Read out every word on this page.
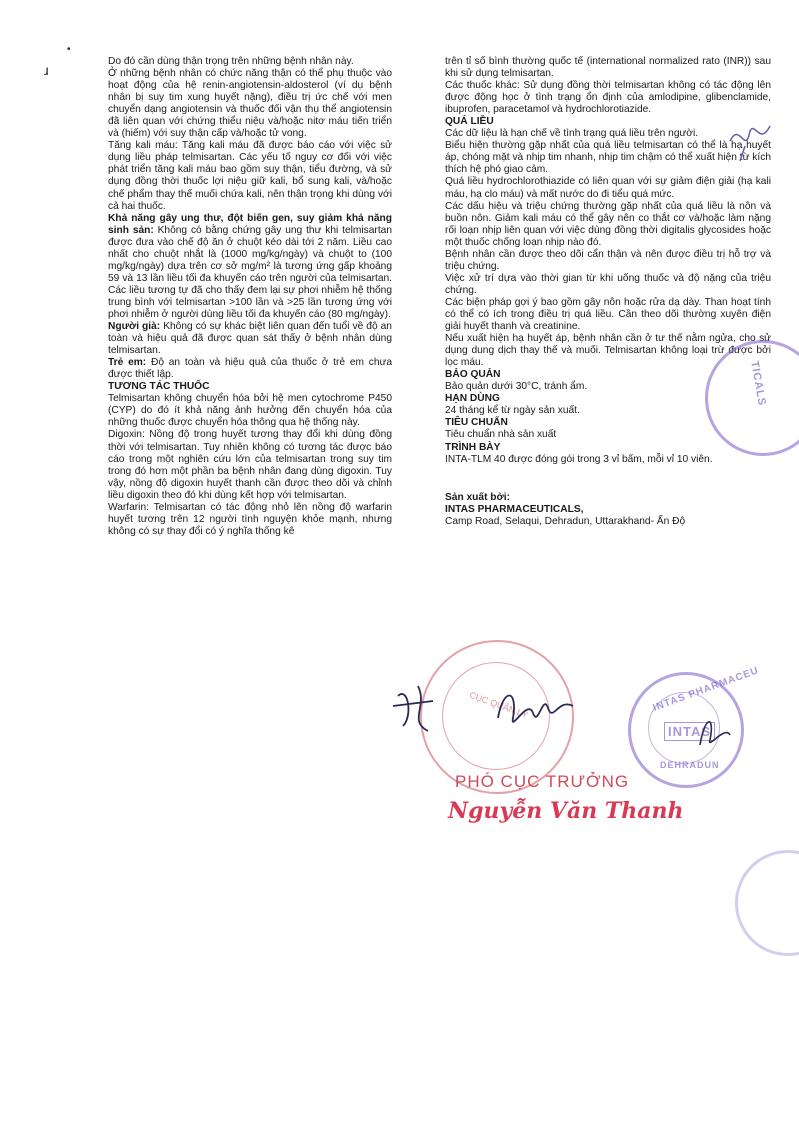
•
ɹ

Do đó cần dùng thận trọng trên những bệnh nhân này.

Ở những bệnh nhân có chức năng thận có thể phụ thuộc vào hoạt động của hệ renin-angiotensin-aldosterol (ví dụ bệnh nhân bị suy tim xung huyết nặng), điều trị ức chế với men chuyển dạng angiotensin và thuốc đối vận thụ thể angiotensin đã liên quan với chứng thiểu niệu và/hoặc nitơ máu tiến triển và (hiếm) với suy thận cấp và/hoặc tử vong.

Tăng kali máu: Tăng kali máu đã được báo cáo với việc sử dụng liều pháp telmisartan. Các yếu tố nguy cơ đối với việc phát triển tăng kali máu bao gồm suy thận, tiểu đường, và sử dụng đồng thời thuốc lợi niệu giữ kali, bổ sung kali, và/hoặc chế phẩm thay thế muối chứa kali, nên thận trọng khi dùng với cả hai thuốc.

Khả năng gây ung thư, đột biến gen, suy giảm khả năng sinh sản: Không có bằng chứng gây ung thư khi telmisartan được đưa vào chế độ ăn ở chuột kéo dài tới 2 năm. Liều cao nhất cho chuột nhắt là (1000 mg/kg/ngày) và chuột to (100 mg/kg/ngày) dựa trên cơ sở mg/m² là tương ứng gấp khoảng 59 và 13 lần liều tối đa khuyến cáo trên người của telmisartan. Các liều tương tự đã cho thấy đem lại sự phơi nhiễm hệ thống trung bình với telmisartan >100 lần và >25 lần tương ứng với phơi nhiễm ở người dùng liều tối đa khuyến cáo (80 mg/ngày).

Người già: Không có sự khác biệt liên quan đến tuổi về độ an toàn và hiệu quả đã được quan sát thấy ở bệnh nhân dùng telmisartan.

Trẻ em: Độ an toàn và hiệu quả của thuốc ở trẻ em chưa được thiết lập.

TƯƠNG TÁC THUỐC

Telmisartan không chuyển hóa bởi hệ men cytochrome P450 (CYP) do đó ít khả năng ảnh hưởng đến chuyển hóa của những thuốc được chuyển hóa thông qua hệ thống này.

Digoxin: Nồng độ trong huyết tương thay đổi khi dùng đồng thời với telmisartan. Tuy nhiên không có tương tác được báo cáo trong một nghiên cứu lớn của telmisartan trong suy tim trong đó hơn một phần ba bệnh nhân đang dùng digoxin. Tuy vậy, nồng độ digoxin huyết thanh cần được theo dõi và chỉnh liều digoxin theo đó khi dùng kết hợp với telmisartan.

Warfarin: Telmisartan có tác động nhỏ lên nồng độ warfarin huyết tương trên 12 người tình nguyện khỏe mạnh, nhưng không có sự thay đổi có ý nghĩa thống kê

trên tỉ số bình thường quốc tế (international normalized rato (INR)) sau khi sử dụng telmisartan.

Các thuốc khác: Sử dụng đồng thời telmisartan không có tác động lên được động học ở tình trạng ổn định của amlodipine, glibenclamide, ibuprofen, paracetamol và hydrochlorotiazide.

QUÁ LIỀU

Các dữ liệu là hạn chế về tình trạng quá liều trên người.

Biểu hiện thường gặp nhất của quá liều telmisartan có thể là hạ huyết áp, chóng mặt và nhịp tim nhanh, nhịp tim chậm có thể xuất hiện từ kích thích hệ phó giao cảm.

Quá liều hydrochlorothiazide có liên quan với sự giảm điện giải (hạ kali máu, hạ clo máu) và mất nước do đi tiểu quá mức.

Các dấu hiệu và triệu chứng thường gặp nhất của quá liều là nôn và buồn nôn. Giảm kali máu có thể gây nên co thắt cơ và/hoặc làm nặng rối loạn nhịp liên quan với việc dùng đồng thời digitalis glycosides hoặc một thuốc chống loạn nhịp nào đó.

Bệnh nhân cần được theo dõi cẩn thận và nên được điều trị hỗ trợ và triệu chứng.

Việc xử trí dựa vào thời gian từ khi uống thuốc và độ nặng của triệu chứng.

Các biện pháp gợi ý bao gồm gây nôn hoặc rửa dạ dày. Than hoạt tính có thể có ích trong điều trị quá liều. Cần theo dõi thường xuyên điện giải huyết thanh và creatinine.

Nếu xuất hiện hạ huyết áp, bệnh nhân cần ở tư thế nằm ngửa, cho sử dụng dung dịch thay thế và muối. Telmisartan không loại trừ được bởi lọc máu.

BẢO QUẢN

Bảo quản dưới 30°C, tránh ẩm.

HẠN DÙNG

24 tháng kể từ ngày sản xuất.

TIÊU CHUẨN

Tiêu chuẩn nhà sản xuất

TRÌNH BÀY

INTA-TLM 40 được đóng gói trong 3 vỉ bấm, mỗi vỉ 10 viên.

Sản xuất bởi:

INTAS PHARMACEUTICALS,

Camp Road, Selaqui, Dehradun, Uttarakhand- Ấn Độ

TICALS
INTAS PHARMACEU
INTAS
DEHRADUN
CỤC QUẢN LÝ
PHÓ CỤC TRƯỞNG
Nguyễn Văn Thanh
